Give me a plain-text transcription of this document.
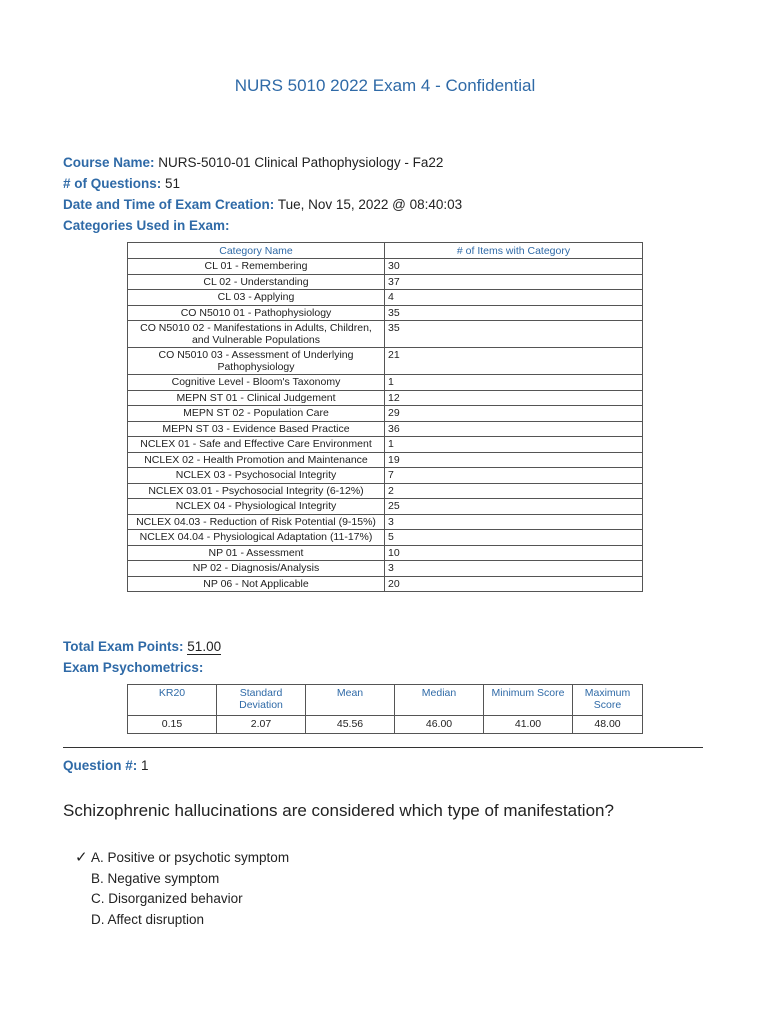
NURS 5010 2022 Exam 4 - Confidential
Course Name: NURS-5010-01 Clinical Pathophysiology - Fa22
# of Questions: 51
Date and Time of Exam Creation: Tue, Nov 15, 2022 @ 08:40:03
Categories Used in Exam:
Category Name	# of Items with Category
CL 01 - Remembering	30
CL 02 - Understanding	37
CL 03 - Applying	4
CO N5010 01 - Pathophysiology	35
CO N5010 02 - Manifestations in Adults, Children, and Vulnerable Populations	35
CO N5010 03 - Assessment of Underlying Pathophysiology	21
Cognitive Level - Bloom's Taxonomy	1
MEPN ST 01 - Clinical Judgement	12
MEPN ST 02 - Population Care	29
MEPN ST 03 - Evidence Based Practice	36
NCLEX 01 - Safe and Effective Care Environment	1
NCLEX 02 - Health Promotion and Maintenance	19
NCLEX 03 - Psychosocial Integrity	7
NCLEX 03.01 - Psychosocial Integrity (6-12%)	2
NCLEX 04 - Physiological Integrity	25
NCLEX 04.03 - Reduction of Risk Potential (9-15%)	3
NCLEX 04.04 - Physiological Adaptation (11-17%)	5
NP 01 - Assessment	10
NP 02 - Diagnosis/Analysis	3
NP 06 - Not Applicable	20
Total Exam Points: 51.00
Exam Psychometrics:
KR20	Standard Deviation	Mean	Median	Minimum Score	Maximum Score
0.15	2.07	45.56	46.00	41.00	48.00
Question #: 1
Schizophrenic hallucinations are considered which type of manifestation?
✓ A. Positive or psychotic symptom
B. Negative symptom
C. Disorganized behavior
D. Affect disruption
